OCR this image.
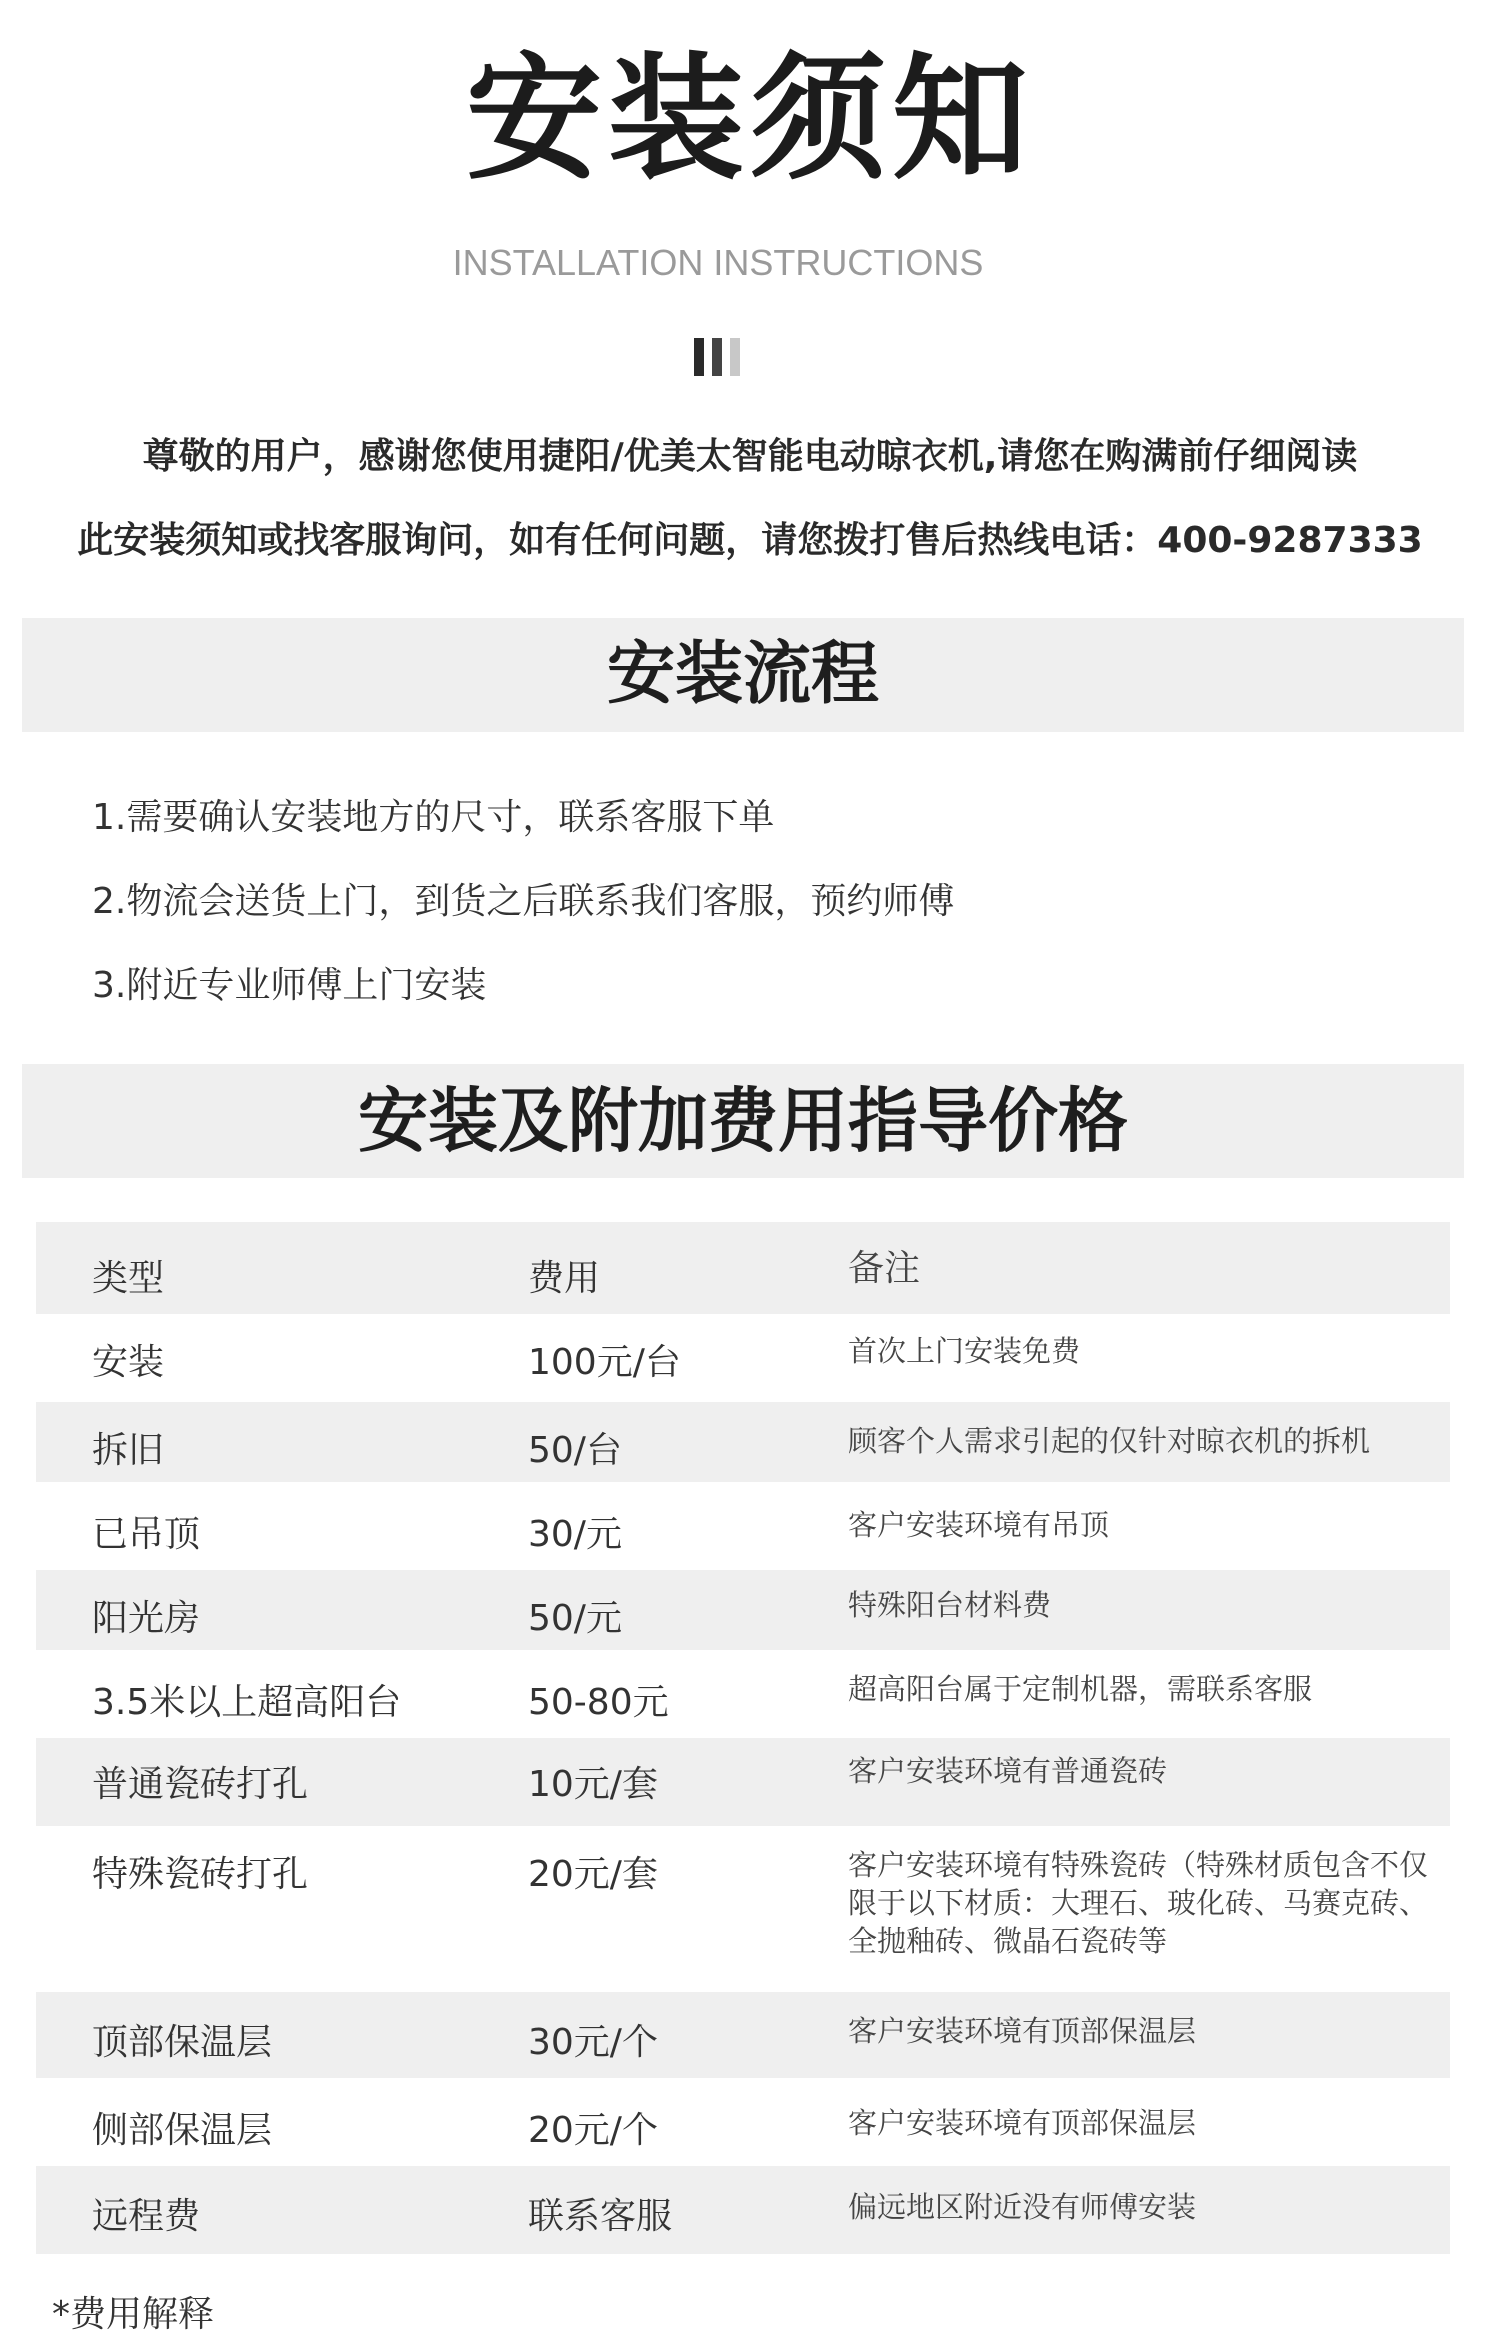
安装须知
INSTALLATION INSTRUCTIONS
尊敬的用户，感谢您使用捷阳/优美太智能电动晾衣机,请您在购满前仔细阅读
此安装须知或找客服询问，如有任何问题，请您拨打售后热线电话：400-9287333
安装流程
1.需要确认安装地方的尺寸，联系客服下单
2.物流会送货上门，到货之后联系我们客服，预约师傅
3.附近专业师傅上门安装
安装及附加费用指导价格
类型	费用	备注
安装	100元/台	首次上门安装免费
拆旧	50/台	顾客个人需求引起的仅针对晾衣机的拆机
已吊顶	30/元	客户安装环境有吊顶
阳光房	50/元	特殊阳台材料费
3.5米以上超高阳台	50-80元	超高阳台属于定制机器，需联系客服
普通瓷砖打孔	10元/套	客户安装环境有普通瓷砖
特殊瓷砖打孔	20元/套	客户安装环境有特殊瓷砖（特殊材质包含不仅限于以下材质：大理石、玻化砖、马赛克砖、全抛釉砖、微晶石瓷砖等
顶部保温层	30元/个	客户安装环境有顶部保温层
侧部保温层	20元/个	客户安装环境有顶部保温层
远程费	联系客服	偏远地区附近没有师傅安装
*费用解释
